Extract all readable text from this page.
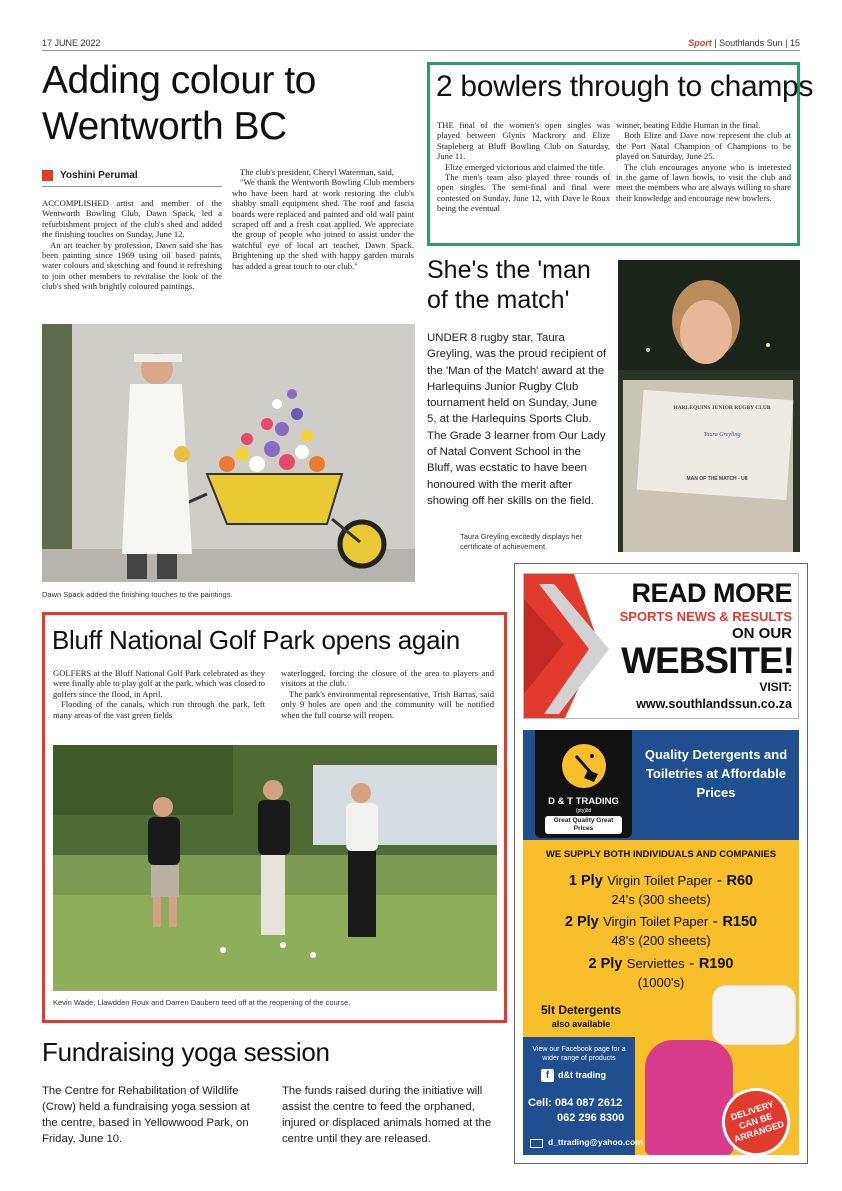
17 JUNE 2022	Sport | Southlands Sun | 15
Adding colour to Wentworth BC
Yoshini Perumal

ACCOMPLISHED artist and member of the Wentworth Bowling Club, Dawn Spack, led a refurbishment project of the club's shed and added the finishing touches on Sunday, June 12.

An art teacher by profession, Dawn said she has been painting since 1969 using oil based paints, water colours and sketching and found it refreshing to join other members to revitalise the look of the club's shed with brightly coloured paintings.

The club's president, Cheryl Waterman, said,

"We thank the Wentworth Bowling Club members who have been hard at work restoring the club's shabby small equipment shed. The roof and fascia boards were replaced and painted and old wall paint scraped off and a fresh coat applied. We appreciate the group of people who joined to assist under the watchful eye of local art teacher, Dawn Spack. Brightening up the shed with happy garden murals has added a great touch to our club."

Dawn Spack added the finishing touches to the paintings.
2 bowlers through to champs

THE final of the women's open singles was played between Glynis Mackrory and Elize Stapleberg at Bluff Bowling Club on Saturday, June 11.

Elize emerged victorious and claimed the title.

The men's team also played three rounds of open singles. The semi-final and final were contested on Sunday, June 12, with Dave le Roux being the eventual

winner, beating Eddie Human in the final.

Both Elize and Dave now represent the club at the Port Natal Champion of Champions to be played on Saturday, June 25.

The club encourages anyone who is interested in the game of lawn bowls, to visit the club and meet the members who are always willing to share their knowledge and encourage new bowlers.

She's the 'man of the match'
UNDER 8 rugby star, Taura Greyling, was the proud recipient of the 'Man of the Match' award at the Harlequins Junior Rugby Club tournament held on Sunday, June 5, at the Harlequins Sports Club. The Grade 3 learner from Our Lady of Natal Convent School in the Bluff, was ecstatic to have been honoured with the merit after showing off her skills on the field.
HARLEQUINS JUNIOR RUGBY CLUB
Taura Greyling
MAN OF THE MATCH - U8
Taura Greyling excitedly displays her certificate of achievement.
READ MORE
SPORTS NEWS & RESULTS
ON OUR
WEBSITE!
VISIT:
www.southlandssun.co.za
D & T TRADING
(pty)ltd
Great Quality Great Prices
Quality Detergents and Toiletries at Affordable Prices
WE SUPPLY BOTH INDIVIDUALS AND COMPANIES
1 Ply Virgin Toilet Paper - R60
24's (300 sheets)
2 Ply Virgin Toilet Paper - R150
48's (200 sheets)
2 Ply Serviettes - R190
(1000's)
5lt Detergents
also available
View our Facebook page for a wider range of products
f d&t trading
Cell: 084 087 2612
062 296 8300
d_ttrading@yahoo.com
DELIVERY CAN BE ARRANGED
Bluff National Golf Park opens again

GOLFERS at the Bluff National Golf Park celebrated as they were finally able to play golf at the park, which was closed to golfers since the flood, in April.

Flooding of the canals, which run through the park, left many areas of the vast green fields

waterlogged, forcing the closure of the area to players and visitors at the club.

The park's environmental representative, Trish Barras, said only 9 holes are open and the community will be notified when the full course will reopen.

Kevin Wade, Llawdden Roux and Darren Daubern teed off at the reopening of the course.
Fundraising yoga session
The Centre for Rehabilitation of Wildlife (Crow) held a fundraising yoga session at the centre, based in Yellowwood Park, on Friday, June 10.
The funds raised during the initiative will assist the centre to feed the orphaned, injured or displaced animals homed at the centre until they are released.
